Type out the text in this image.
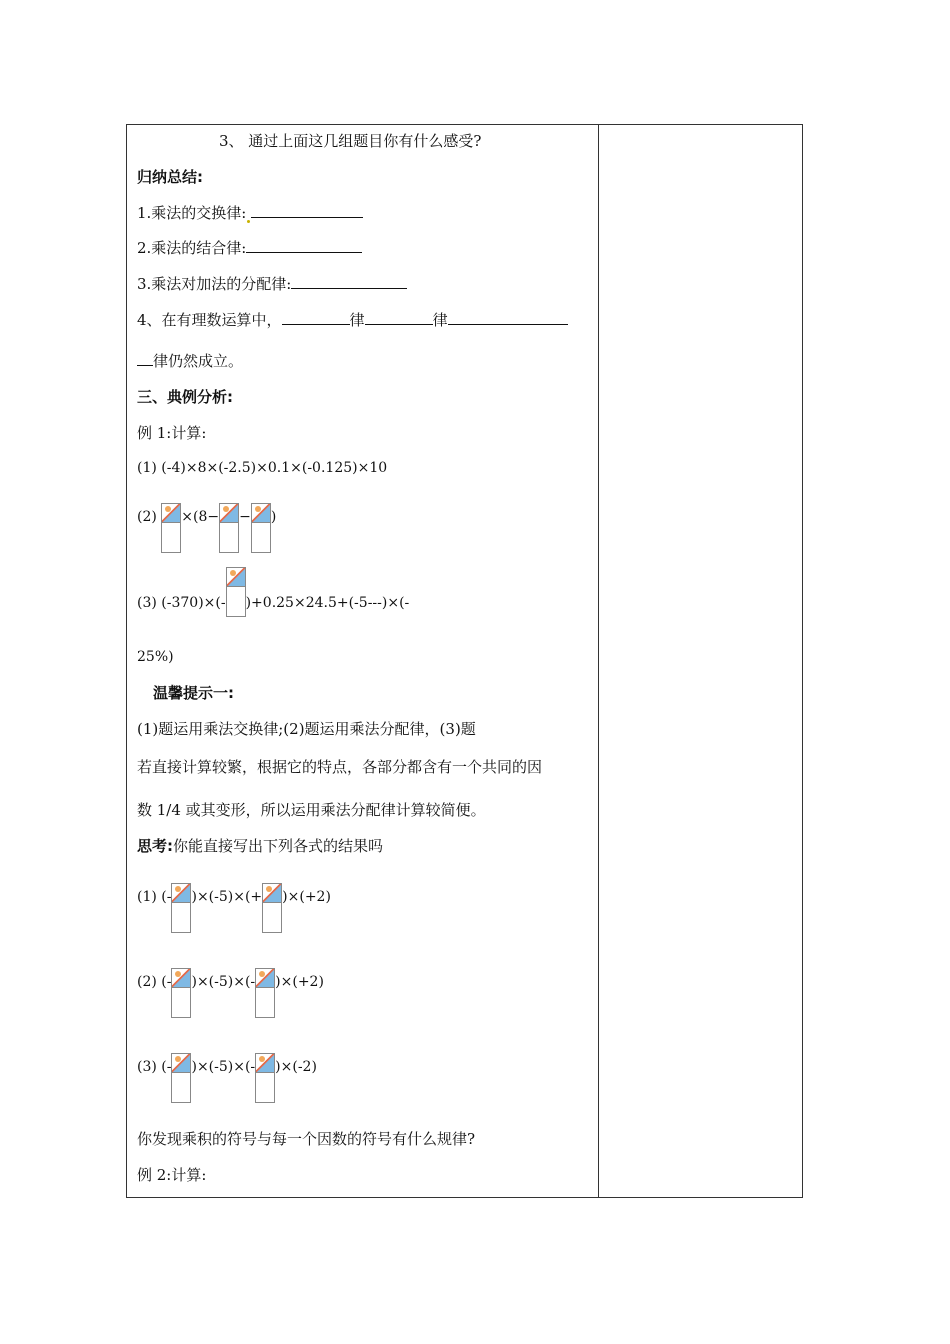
3、 通过上面这几组题目你有什么感受?
归纳总结:
1.乘法的交换律:
2.乘法的结合律:
3.乘法对加法的分配律:
4、在有理数运算中，	律	律
律仍然成立。
三、典例分析:
例 1:计算:
(1) (-4)×8×(-2.5)×0.1×(-0.125)×10
(2) ×(8− − )
(3) (-370)×(- )+0.25×24.5+(-5---)×(-
25%)
温馨提示一:
(1)题运用乘法交换律;(2)题运用乘法分配律，(3)题
若直接计算较繁，根据它的特点，各部分都含有一个共同的因
数 1/4 或其变形，所以运用乘法分配律计算较简便。
思考:你能直接写出下列各式的结果吗
(1) (- )×(-5)×(+ )×(+2)
(2) (- )×(-5)×(- )×(+2)
(3) (- )×(-5)×(- )×(-2)
你发现乘积的符号与每一个因数的符号有什么规律?
例 2:计算:
